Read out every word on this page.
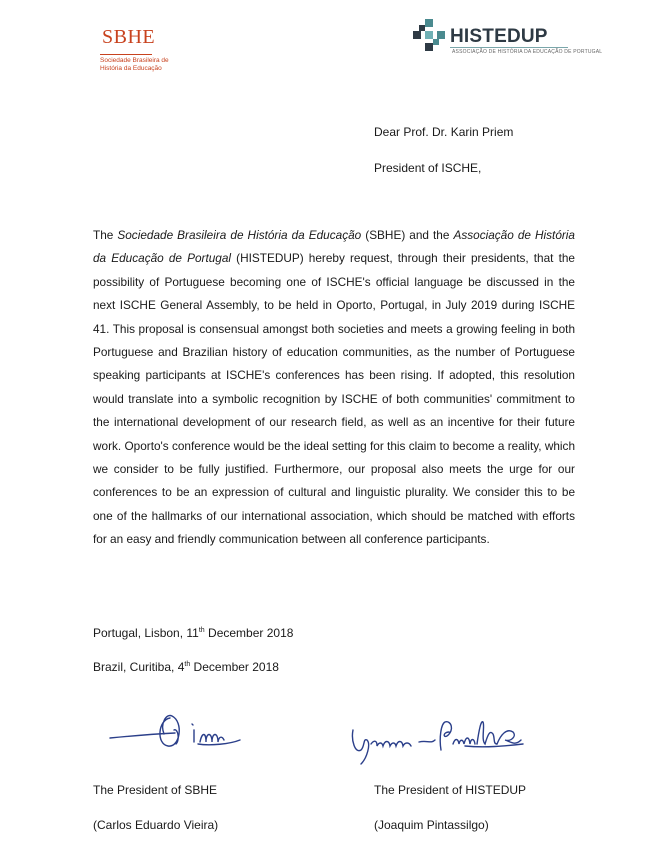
SBHE
Sociedade Brasileira de
História da Educação
HISTEDUP
ASSOCIAÇÃO DE HISTÓRIA DA EDUCAÇÃO DE PORTUGAL
Dear Prof. Dr. Karin Priem
President of ISCHE,
The Sociedade Brasileira de História da Educação (SBHE) and the Associação de História da Educação de Portugal (HISTEDUP) hereby request, through their presidents, that the possibility of Portuguese becoming one of ISCHE's official language be discussed in the next ISCHE General Assembly, to be held in Oporto, Portugal, in July 2019 during ISCHE 41. This proposal is consensual amongst both societies and meets a growing feeling in both Portuguese and Brazilian history of education communities, as the number of Portuguese speaking participants at ISCHE's conferences has been rising. If adopted, this resolution would translate into a symbolic recognition by ISCHE of both communities' commitment to the international development of our research field, as well as an incentive for their future work. Oporto's conference would be the ideal setting for this claim to become a reality, which we consider to be fully justified. Furthermore, our proposal also meets the urge for our conferences to be an expression of cultural and linguistic plurality. We consider this to be one of the hallmarks of our international association, which should be matched with efforts for an easy and friendly communication between all conference participants.
Portugal, Lisbon, 11th December 2018
Brazil, Curitiba, 4th December 2018
The President of SBHE	The President of HISTEDUP
(Carlos Eduardo Vieira)	(Joaquim Pintassilgo)
